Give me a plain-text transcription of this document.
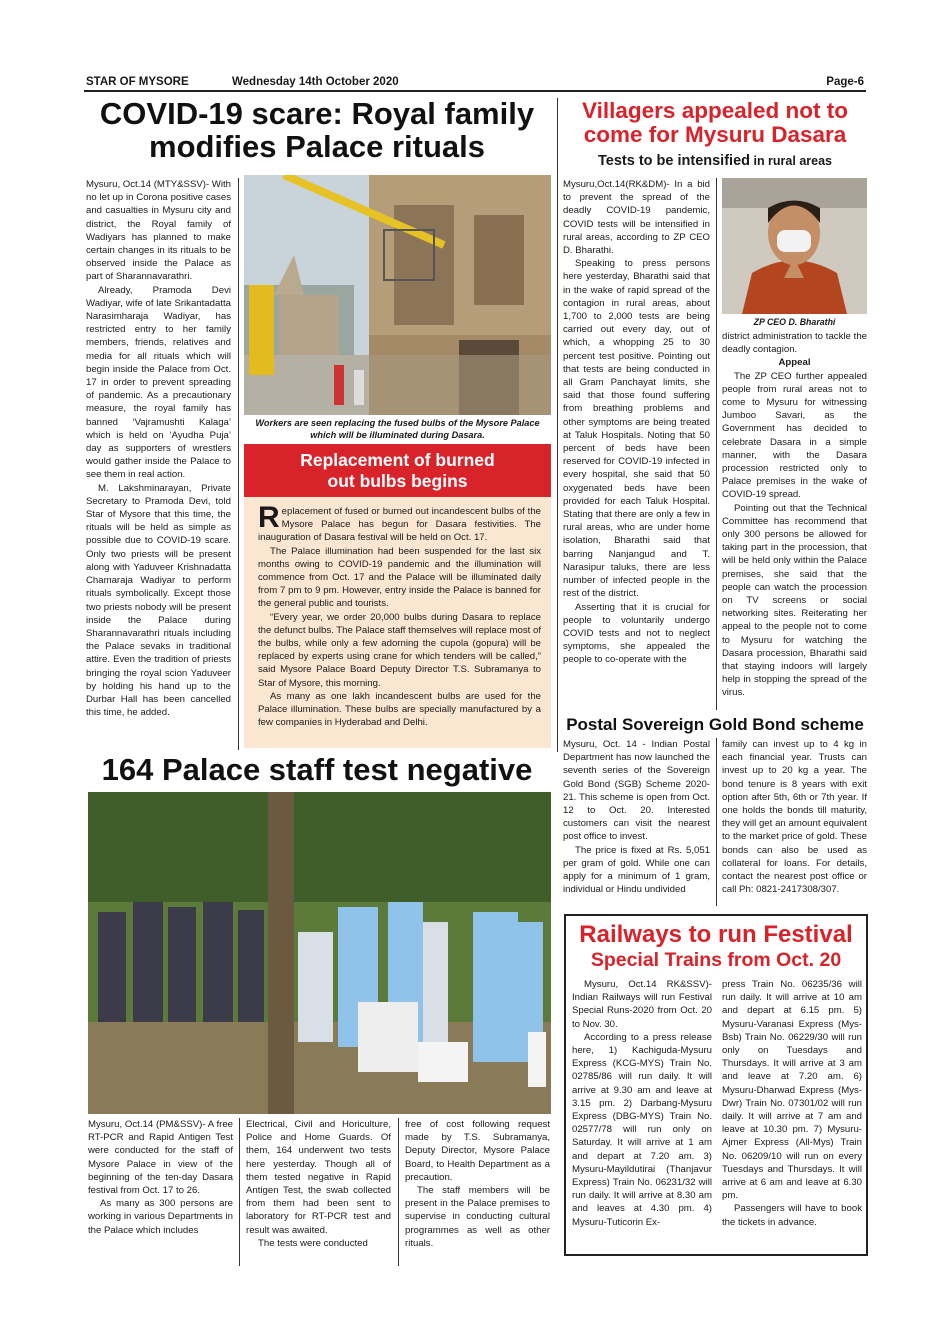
STAR OF MYSORE	Wednesday 14th October 2020	Page-6
COVID-19 scare: Royal family
modifies Palace rituals

Mysuru, Oct.14 (MTY&SSV)- With no let up in Corona positive cases and casualties in Mysuru city and district, the Royal family of Wadiyars has planned to make certain changes in its rituals to be observed inside the Palace as part of Sharannavarathri.

Already, Pramoda Devi Wadiyar, wife of late Srikantadatta Narasimharaja Wadiyar, has restricted entry to her family members, friends, relatives and media for all rituals which will begin inside the Palace from Oct. 17 in order to prevent spreading of pandemic. As a precautionary measure, the royal family has banned ‘Vajramushti Kalaga’ which is held on ‘Ayudha Puja’ day as supporters of wrestlers would gather inside the Palace to see them in real action.

M. Lakshminarayan, Private Secretary to Pramoda Devi, told Star of Mysore that this time, the rituals will be held as simple as possible due to COVID-19 scare. Only two priests will be present along with Yaduveer Krishnadatta Chamaraja Wadiyar to perform rituals symbolically. Except those two priests nobody will be present inside the Palace during Sharannavarathri rituals including the Palace sevaks in traditional attire. Even the tradition of priests bringing the royal scion Yaduveer by holding his hand up to the Durbar Hall has been cancelled this time, he added.

Workers are seen replacing the fused bulbs of the Mysore Palace which will be illuminated during Dasara.
Replacement of burned
out bulbs begins

Replacement of fused or burned out incandescent bulbs of the Mysore Palace has begun for Dasara festivities. The inauguration of Dasara festival will be held on Oct. 17.

The Palace illumination had been suspended for the last six months owing to COVID-19 pandemic and the illumination will commence from Oct. 17 and the Palace will be illuminated daily from 7 pm to 9 pm. However, entry inside the Palace is banned for the general public and tourists.

“Every year, we order 20,000 bulbs during Dasara to replace the defunct bulbs. The Palace staff themselves will replace most of the bulbs, while only a few adorning the cupola (gopura) will be replaced by experts using crane for which tenders will be called,” said Mysore Palace Board Deputy Director T.S. Subramanya to Star of Mysore, this morning.

As many as one lakh incandescent bulbs are used for the Palace illumination. These bulbs are specially manufactured by a few companies in Hyderabad and Delhi.

Villagers appealed not to
come for Mysuru Dasara
Tests to be intensified in rural areas

Mysuru,Oct.14(RK&DM)- In a bid to prevent the spread of the deadly COVID-19 pandemic, COVID tests will be intensified in rural areas, according to ZP CEO D. Bharathi.

Speaking to press persons here yesterday, Bharathi said that in the wake of rapid spread of the contagion in rural areas, about 1,700 to 2,000 tests are being carried out every day, out of which, a whopping 25 to 30 percent test positive. Pointing out that tests are being conducted in all Gram Panchayat limits, she said that those found suffering from breathing problems and other symptoms are being treated at Taluk Hospitals. Noting that 50 percent of beds have been reserved for COVID-19 infected in every hospital, she said that 50 oxygenated beds have been provided for each Taluk Hospital. Stating that there are only a few in rural areas, who are under home isolation, Bharathi said that barring Nanjangud and T. Narasipur taluks, there are less number of infected people in the rest of the district.

Asserting that it is crucial for people to voluntarily undergo COVID tests and not to neglect symptoms, she appealed the people to co-operate with the

ZP CEO D. Bharathi

district administration to tackle the deadly contagion.

Appeal

The ZP CEO further appealed people from rural areas not to come to Mysuru for witnessing Jumboo Savari, as the Government has decided to celebrate Dasara in a simple manner, with the Dasara procession restricted only to Palace premises in the wake of COVID-19 spread.

Pointing out that the Technical Committee has recommend that only 300 persons be allowed for taking part in the procession, that will be held only within the Palace premises, she said that the people can watch the procession on TV screens or social networking sites. Reiterating her appeal to the people not to come to Mysuru for watching the Dasara procession, Bharathi said that staying indoors will largely help in stopping the spread of the virus.

Postal Sovereign Gold Bond scheme

Mysuru, Oct. 14 - Indian Postal Department has now launched the seventh series of the Sovereign Gold Bond (SGB) Scheme 2020-21. This scheme is open from Oct. 12 to Oct. 20. Interested customers can visit the nearest post office to invest.

The price is fixed at Rs. 5,051 per gram of gold. While one can apply for a minimum of 1 gram, individual or Hindu undivided

family can invest up to 4 kg in each financial year. Trusts can invest up to 20 kg a year. The bond tenure is 8 years with exit option after 5th, 6th or 7th year. If one holds the bonds till maturity, they will get an amount equivalent to the market price of gold. These bonds can also be used as collateral for loans. For details, contact the nearest post office or call Ph: 0821-2417308/307.

164 Palace staff test negative

Mysuru, Oct.14 (PM&SSV)- A free RT-PCR and Rapid Antigen Test were conducted for the staff of Mysore Palace in view of the beginning of the ten-day Dasara festival from Oct. 17 to 26.

As many as 300 persons are working in various Departments in the Palace which includes

Electrical, Civil and Horiculture, Police and Home Guards. Of them, 164 underwent two tests here yesterday. Though all of them tested negative in Rapid Antigen Test, the swab collected from them had been sent to laboratory for RT-PCR test and result was awaited.

The tests were conducted

free of cost following request made by T.S. Subramanya, Deputy Director, Mysore Palace Board, to Health Department as a precaution.

The staff members will be present in the Palace premises to supervise in conducting cultural programmes as well as other rituals.

Railways to run Festival
Special Trains from Oct. 20

Mysuru, Oct.14 RK&SSV)- Indian Railways will run Festival Special Runs-2020 from Oct. 20 to Nov. 30.

According to a press release here, 1) Kachiguda-Mysuru Express (KCG-MYS) Train No. 02785/86 will run daily. It will arrive at 9.30 am and leave at 3.15 pm. 2) Darbang-Mysuru Express (DBG-MYS) Train No. 02577/78 will run only on Saturday. It will arrive at 1 am and depart at 7.20 am. 3) Mysuru-Mayildutirai (Thanjavur Express) Train No. 06231/32 will run daily. It will arrive at 8.30 am and leaves at 4.30 pm. 4) Mysuru-Tuticorin Ex-

press Train No. 06235/36 will run daily. It will arrive at 10 am and depart at 6.15 pm. 5) Mysuru-Varanasi Express (Mys-Bsb) Train No. 06229/30 will run only on Tuesdays and Thursdays. It will arrive at 3 am and leave at 7.20 am. 6) Mysuru-Dharwad Express (Mys-Dwr) Train No. 07301/02 will run daily. It will arrive at 7 am and leave at 10.30 pm. 7) Mysuru-Ajmer Express (All-Mys) Train No. 06209/10 will run on every Tuesdays and Thursdays. It will arrive at 6 am and leave at 6.30 pm.

Passengers will have to book the tickets in advance.
